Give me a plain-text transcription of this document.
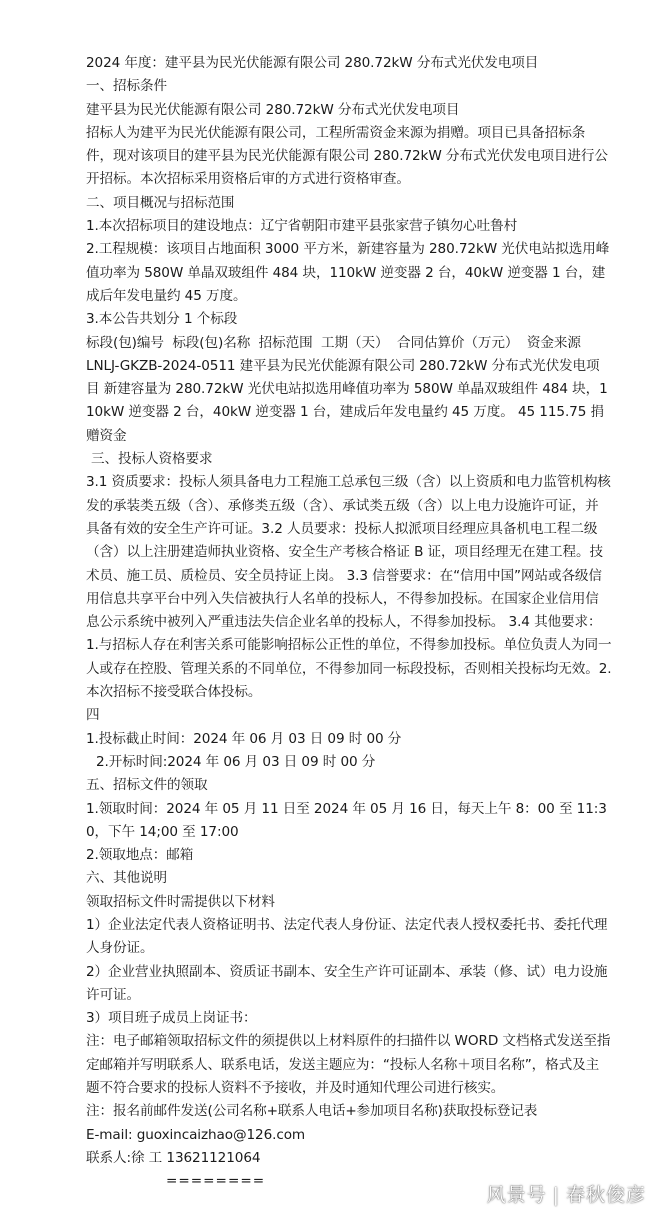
2024 年度：建平县为民光伏能源有限公司 280.72kW 分布式光伏发电项目

一、招标条件

建平县为民光伏能源有限公司 280.72kW 分布式光伏发电项目

招标人为建平为民光伏能源有限公司，工程所需资金来源为捐赠。项目已具备招标条件，现对该项目的建平县为民光伏能源有限公司 280.72kW 分布式光伏发电项目进行公开招标。本次招标采用资格后审的方式进行资格审查。

二、项目概况与招标范围

1.本次招标项目的建设地点：辽宁省朝阳市建平县张家营子镇勿心吐鲁村

2.工程规模：该项目占地面积 3000 平方米，新建容量为 280.72kW 光伏电站拟选用峰值功率为 580W 单晶双玻组件 484 块，110kW 逆变器 2 台，40kW 逆变器 1 台，建成后年发电量约 45 万度。

3.本公告共划分 1 个标段

标段(包)编号  标段(包)名称  招标范围  工期（天）  合同估算价（万元）  资金来源

LNLJ-GKZB-2024-0511 建平县为民光伏能源有限公司 280.72kW 分布式光伏发电项目 新建容量为 280.72kW 光伏电站拟选用峰值功率为 580W 单晶双玻组件 484 块，110kW 逆变器 2 台，40kW 逆变器 1 台，建成后年发电量约 45 万度。 45 115.75 捐赠资金

三、投标人资格要求

3.1 资质要求：投标人须具备电力工程施工总承包三级（含）以上资质和电力监管机构核发的承装类五级（含）、承修类五级（含）、承试类五级（含）以上电力设施许可证，并具备有效的安全生产许可证。3.2 人员要求：投标人拟派项目经理应具备机电工程二级（含）以上注册建造师执业资格、安全生产考核合格证 B 证，项目经理无在建工程。技术员、施工员、质检员、安全员持证上岗。 3.3 信誉要求：在“信用中国”网站或各级信用信息共享平台中列入失信被执行人名单的投标人，不得参加投标。在国家企业信用信息公示系统中被列入严重违法失信企业名单的投标人，不得参加投标。 3.4 其他要求：1.与招标人存在利害关系可能影响招标公正性的单位，不得参加投标。单位负责人为同一人或存在控股、管理关系的不同单位，不得参加同一标段投标，否则相关投标均无效。2.本次招标不接受联合体投标。

四

1.投标截止时间：2024 年 06 月 03 日 09 时 00 分

2.开标时间:2024 年 06 月 03 日 09 时 00 分

五、招标文件的领取

1.领取时间：2024 年 05 月 11 日至 2024 年 05 月 16 日，每天上午 8：00 至 11:30，下午 14;00 至 17:00

2.领取地点：邮箱

六、其他说明

领取招标文件时需提供以下材料

1）企业法定代表人资格证明书、法定代表人身份证、法定代表人授权委托书、委托代理人身份证。

2）企业营业执照副本、资质证书副本、安全生产许可证副本、承装（修、试）电力设施许可证。

3）项目班子成员上岗证书：

注：电子邮箱领取招标文件的须提供以上材料原件的扫描件以 WORD 文档格式发送至指定邮箱并写明联系人、联系电话，发送主题应为：“投标人名称＋项目名称”，格式及主题不符合要求的投标人资料不予接收，并及时通知代理公司进行核实。

注：报名前邮件发送(公司名称+联系人电话+参加项目名称)获取投标登记表

E-mail: guoxincaizhao@126.com

联系人:徐 工 13621121064

========

风景号 | 春秋俊彦
